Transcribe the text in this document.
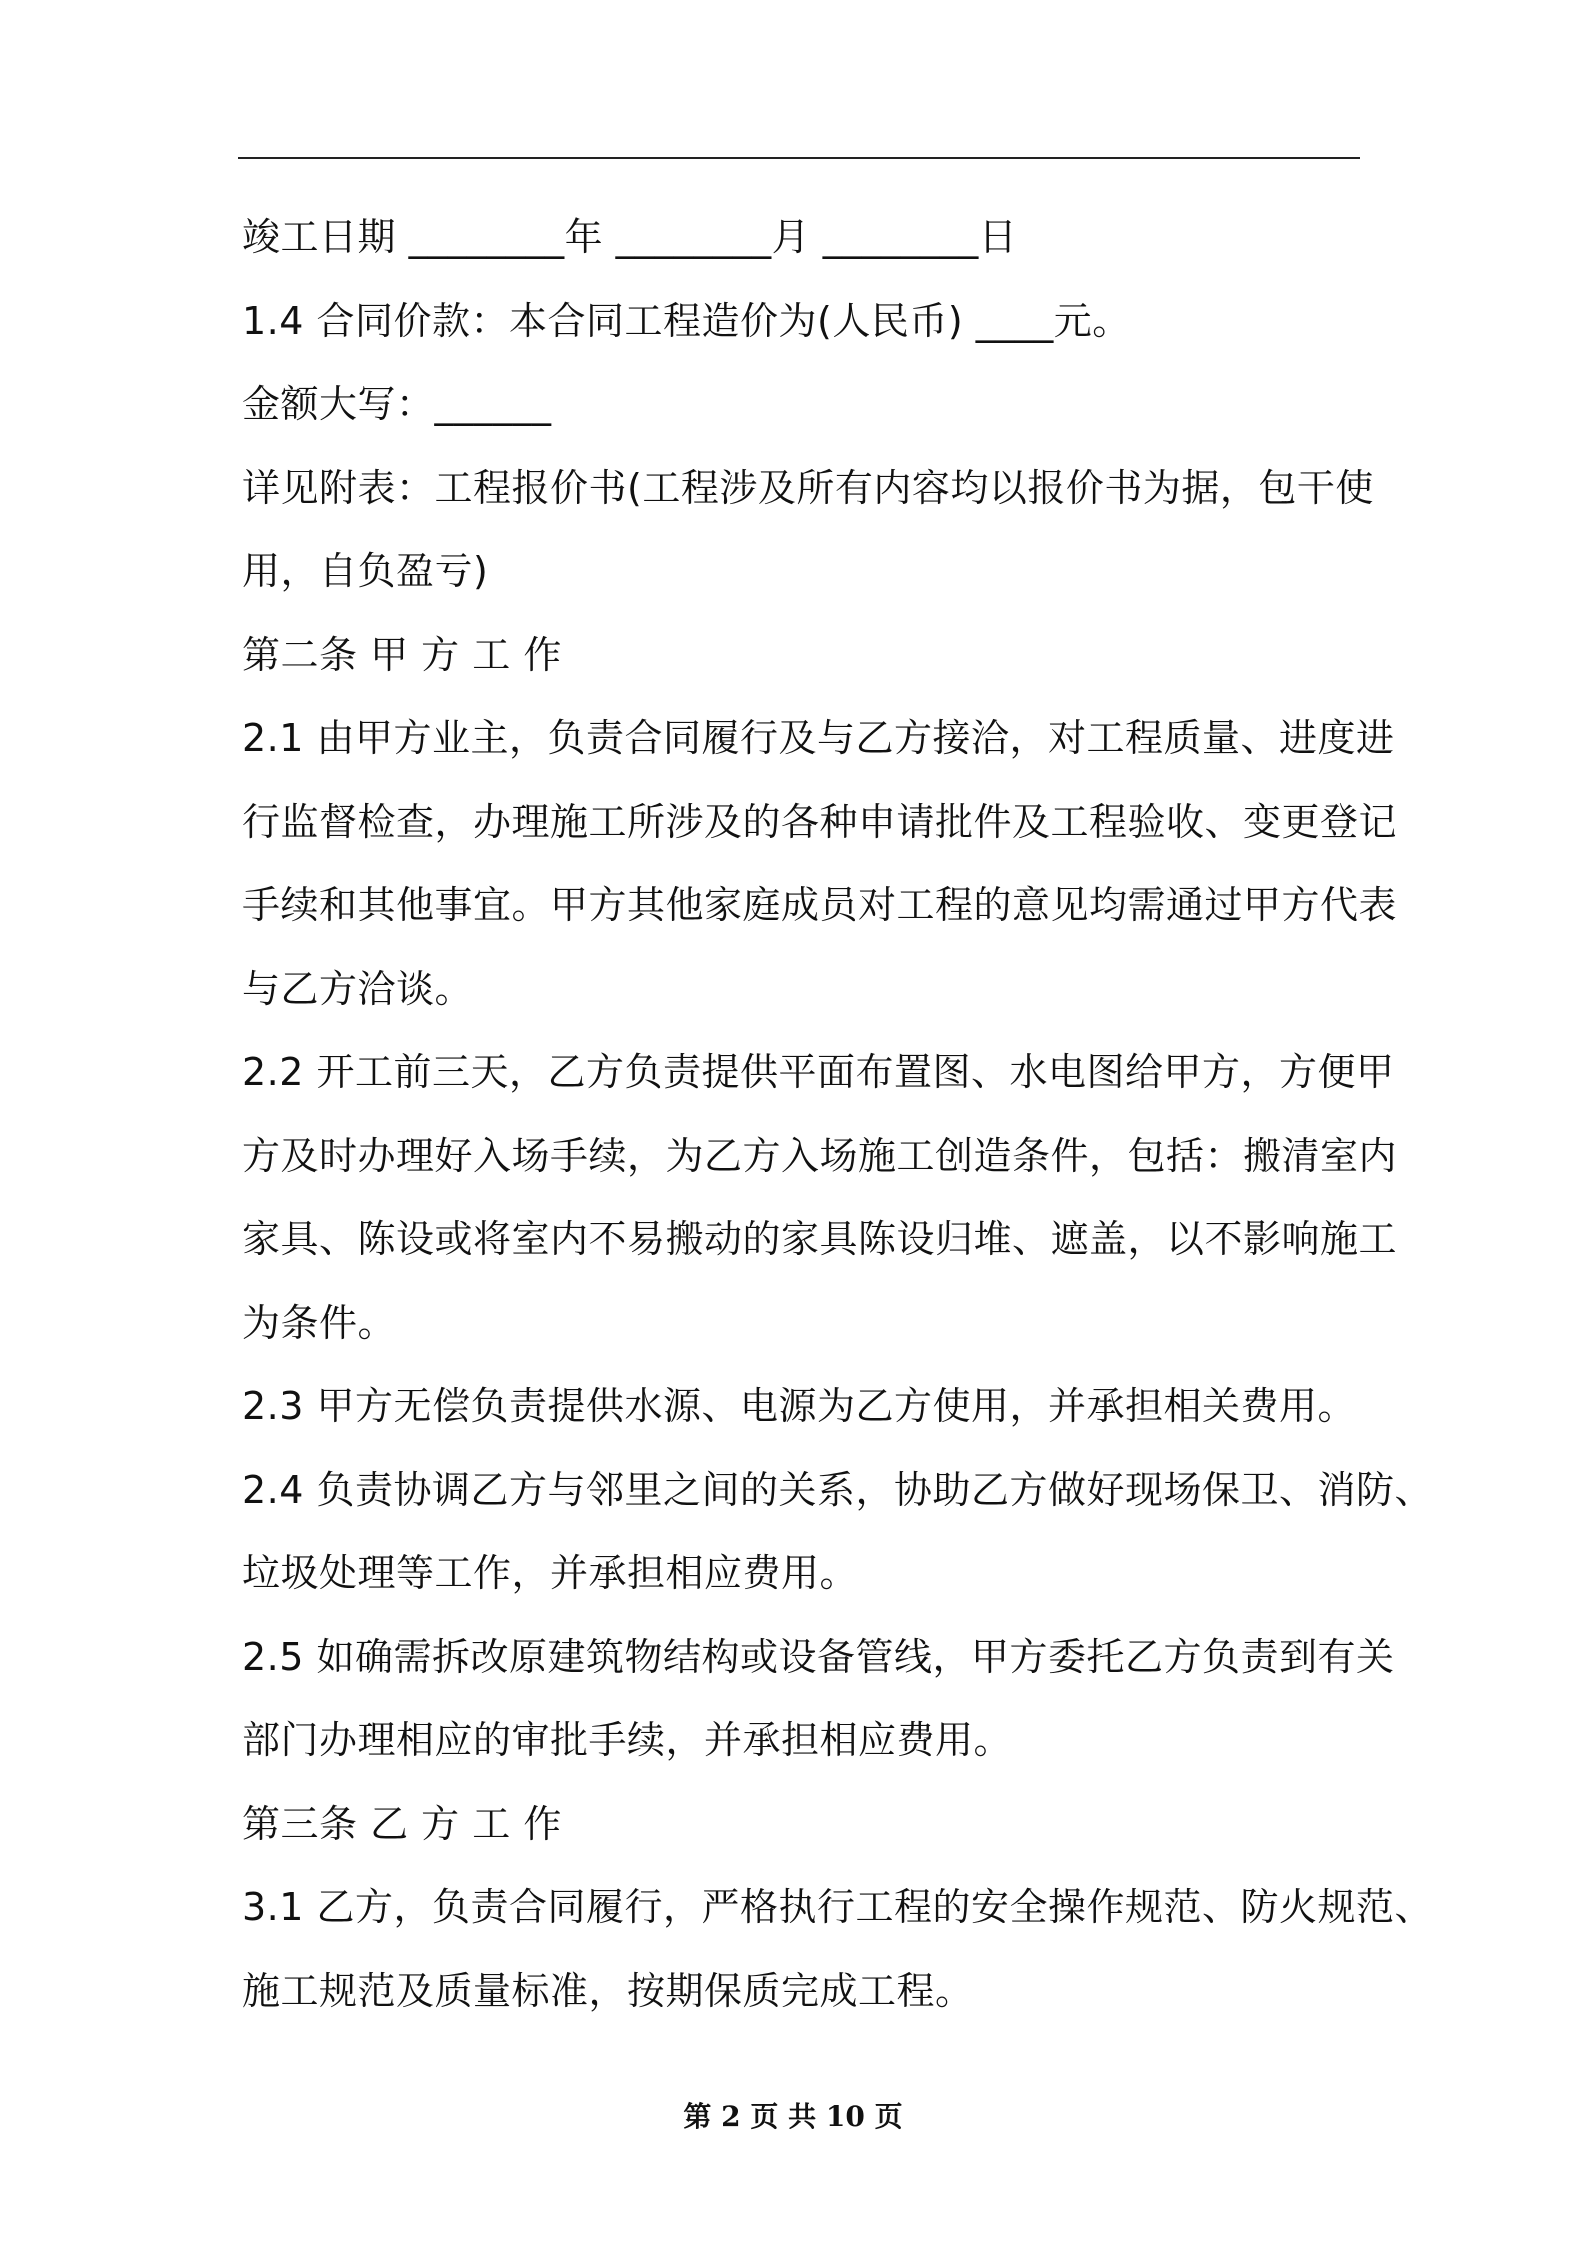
竣工日期 ________年 ________月 ________日
1.4 合同价款：本合同工程造价为(人民币) ____元。
金额大写：______
详见附表：工程报价书(工程涉及所有内容均以报价书为据，包干使
用，自负盈亏)
第二条 甲 方 工 作
2.1 由甲方业主，负责合同履行及与乙方接洽，对工程质量、进度进
行监督检查，办理施工所涉及的各种申请批件及工程验收、变更登记
手续和其他事宜。甲方其他家庭成员对工程的意见均需通过甲方代表
与乙方洽谈。
2.2 开工前三天，乙方负责提供平面布置图、水电图给甲方，方便甲
方及时办理好入场手续，为乙方入场施工创造条件，包括：搬清室内
家具、陈设或将室内不易搬动的家具陈设归堆、遮盖，以不影响施工
为条件。
2.3 甲方无偿负责提供水源、电源为乙方使用，并承担相关费用。
2.4 负责协调乙方与邻里之间的关系，协助乙方做好现场保卫、消防、
垃圾处理等工作，并承担相应费用。
2.5 如确需拆改原建筑物结构或设备管线，甲方委托乙方负责到有关
部门办理相应的审批手续，并承担相应费用。
第三条 乙 方 工 作
3.1 乙方，负责合同履行，严格执行工程的安全操作规范、防火规范、
施工规范及质量标准，按期保质完成工程。
第 2 页 共 10 页
